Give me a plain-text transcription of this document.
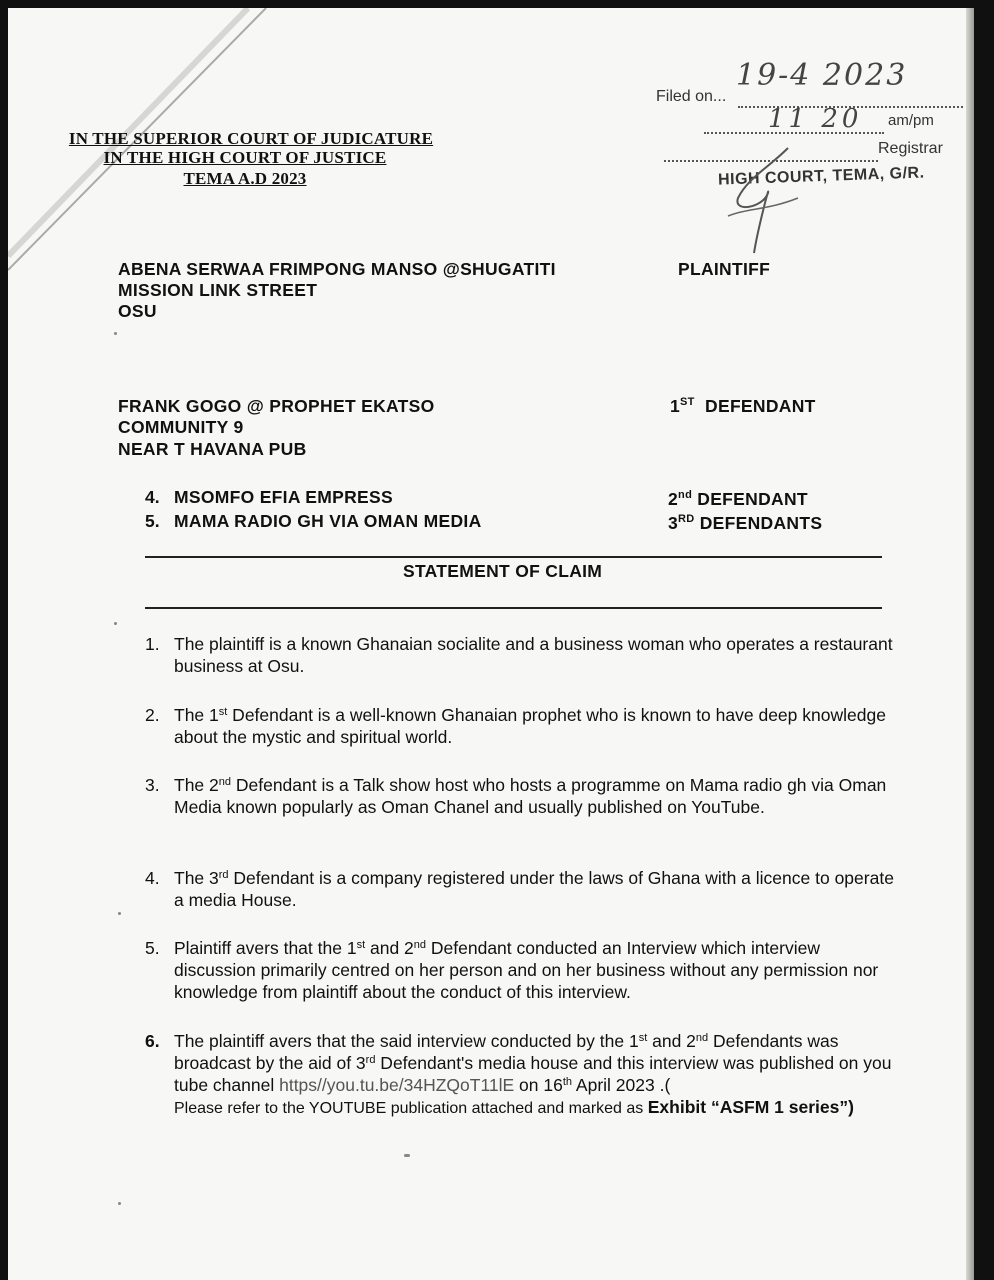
IN THE SUPERIOR COURT OF JUDICATURE
IN THE HIGH COURT OF JUSTICE
TEMA A.D 2023
Filed on...
19-4 2023
11 20 am/pm
Registrar
HIGH COURT, TEMA, G/R.
ABENA SERWAA FRIMPONG MANSO @SHUGATITI
MISSION LINK STREET
OSU
PLAINTIFF
FRANK GOGO @ PROPHET EKATSO
COMMUNITY 9
NEAR T HAVANA PUB
1ST DEFENDANT
4. MSOMFO EFIA EMPRESS	2nd DEFENDANT
5. MAMA RADIO GH VIA OMAN MEDIA	3RD DEFENDANTS
STATEMENT OF CLAIM
1. The plaintiff is a known Ghanaian socialite and a business woman who operates a restaurant business at Osu.
2. The 1st Defendant is a well-known Ghanaian prophet who is known to have deep knowledge about the mystic and spiritual world.
3. The 2nd Defendant is a Talk show host who hosts a programme on Mama radio gh via Oman Media known popularly as Oman Chanel and usually published on YouTube.
4. The 3rd Defendant is a company registered under the laws of Ghana with a licence to operate a media House.
5. Plaintiff avers that the 1st and 2nd Defendant conducted an Interview which interview discussion primarily centred on her person and on her business without any permission nor knowledge from plaintiff about the conduct of this interview.
6. The plaintiff avers that the said interview conducted by the 1st and 2nd Defendants was broadcast by the aid of 3rd Defendant's media house and this interview was published on you tube channel https//you.tu.be/34HZQoT11lE on 16th April 2023 .(
Please refer to the YOUTUBE publication attached and marked as Exhibit “ASFM 1 series”)
